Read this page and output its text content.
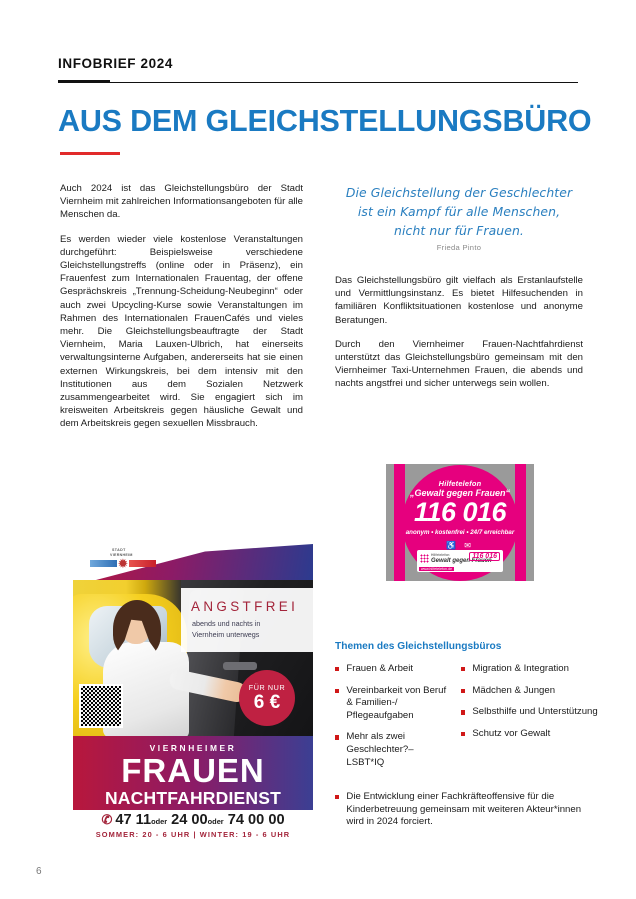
INFOBRIEF 2024
AUS DEM GLEICHSTELLUNGSBÜRO

Auch 2024 ist das Gleichstellungsbüro der Stadt Viernheim mit zahlreichen Informationsangeboten für alle Menschen da.

Es werden wieder viele kostenlose Veranstaltungen durchgeführt: Beispielsweise verschiedene Gleichstellungstreffs (online oder in Präsenz), ein Frauenfest zum Internationalen Frauentag, der offene Gesprächskreis „Trennung-Scheidung-Neubeginn“ oder auch zwei Upcycling-Kurse sowie Veranstaltungen im Rahmen des Internationalen FrauenCafés und vieles mehr. Die Gleichstellungsbeauftragte der Stadt Viernheim, Maria Lauxen-Ulbrich, hat einerseits verwaltungsinterne Aufgaben, andererseits hat sie einen externen Wirkungskreis, bei dem intensiv mit den Institutionen aus dem Sozialen Netzwerk zusammengearbeitet wird. Sie engagiert sich im kreisweiten Arbeitskreis gegen häusliche Gewalt und dem Arbeitskreis gegen sexuellen Missbrauch.

Die Gleichstellung der Geschlechter
ist ein Kampf für alle Menschen,
nicht nur für Frauen.
Frieda Pinto

Das Gleichstellungsbüro gilt vielfach als Erstanlaufstelle und Vermittlungsinstanz. Es bietet Hilfesuchenden in familiären Konfliktsituationen kostenlose und anonyme Beratungen.

Durch den Viernheimer Frauen-Nachtfahrdienst unterstützt das Gleichstellungsbüro gemeinsam mit den Viernheimer Taxi-Unternehmen Frauen, die abends und nachts angstfrei und sicher unterwegs sein wollen.

Hilfetelefon
„Gewalt gegen Frauen“
116 016
anonym • kostenfrei • 24/7 erreichbar
♿ ✉
Hilfetelefon
Gewalt gegen Frauen
www.hilfetelefon.de
116 016
Themen des Gleichstellungsbüros
Frauen & Arbeit
Vereinbarkeit von Beruf & Familien-/ Pflegeaufgaben
Mehr als zwei Geschlechter?– LSBT*IQ
Migration & Integration
Mädchen & Jungen
Selbsthilfe und Unterstützung
Schutz vor Gewalt
Die Entwicklung einer Fachkräfteoffensive für die Kinderbetreuung gemeinsam mit weiteren Akteur*innen wird in 2024 forciert.
STADT
VIERNHEIM
✹
ANGSTFREI
abends und nachts in
Viernheim unterwegs
FÜR NUR
6 €
VIERNHEIMER
FRAUEN
NACHTFAHRDIENST
✆ 47 11oder 24 00oder 74 00 00
SOMMER: 20 - 6 UHR | WINTER: 19 - 6 UHR
6
